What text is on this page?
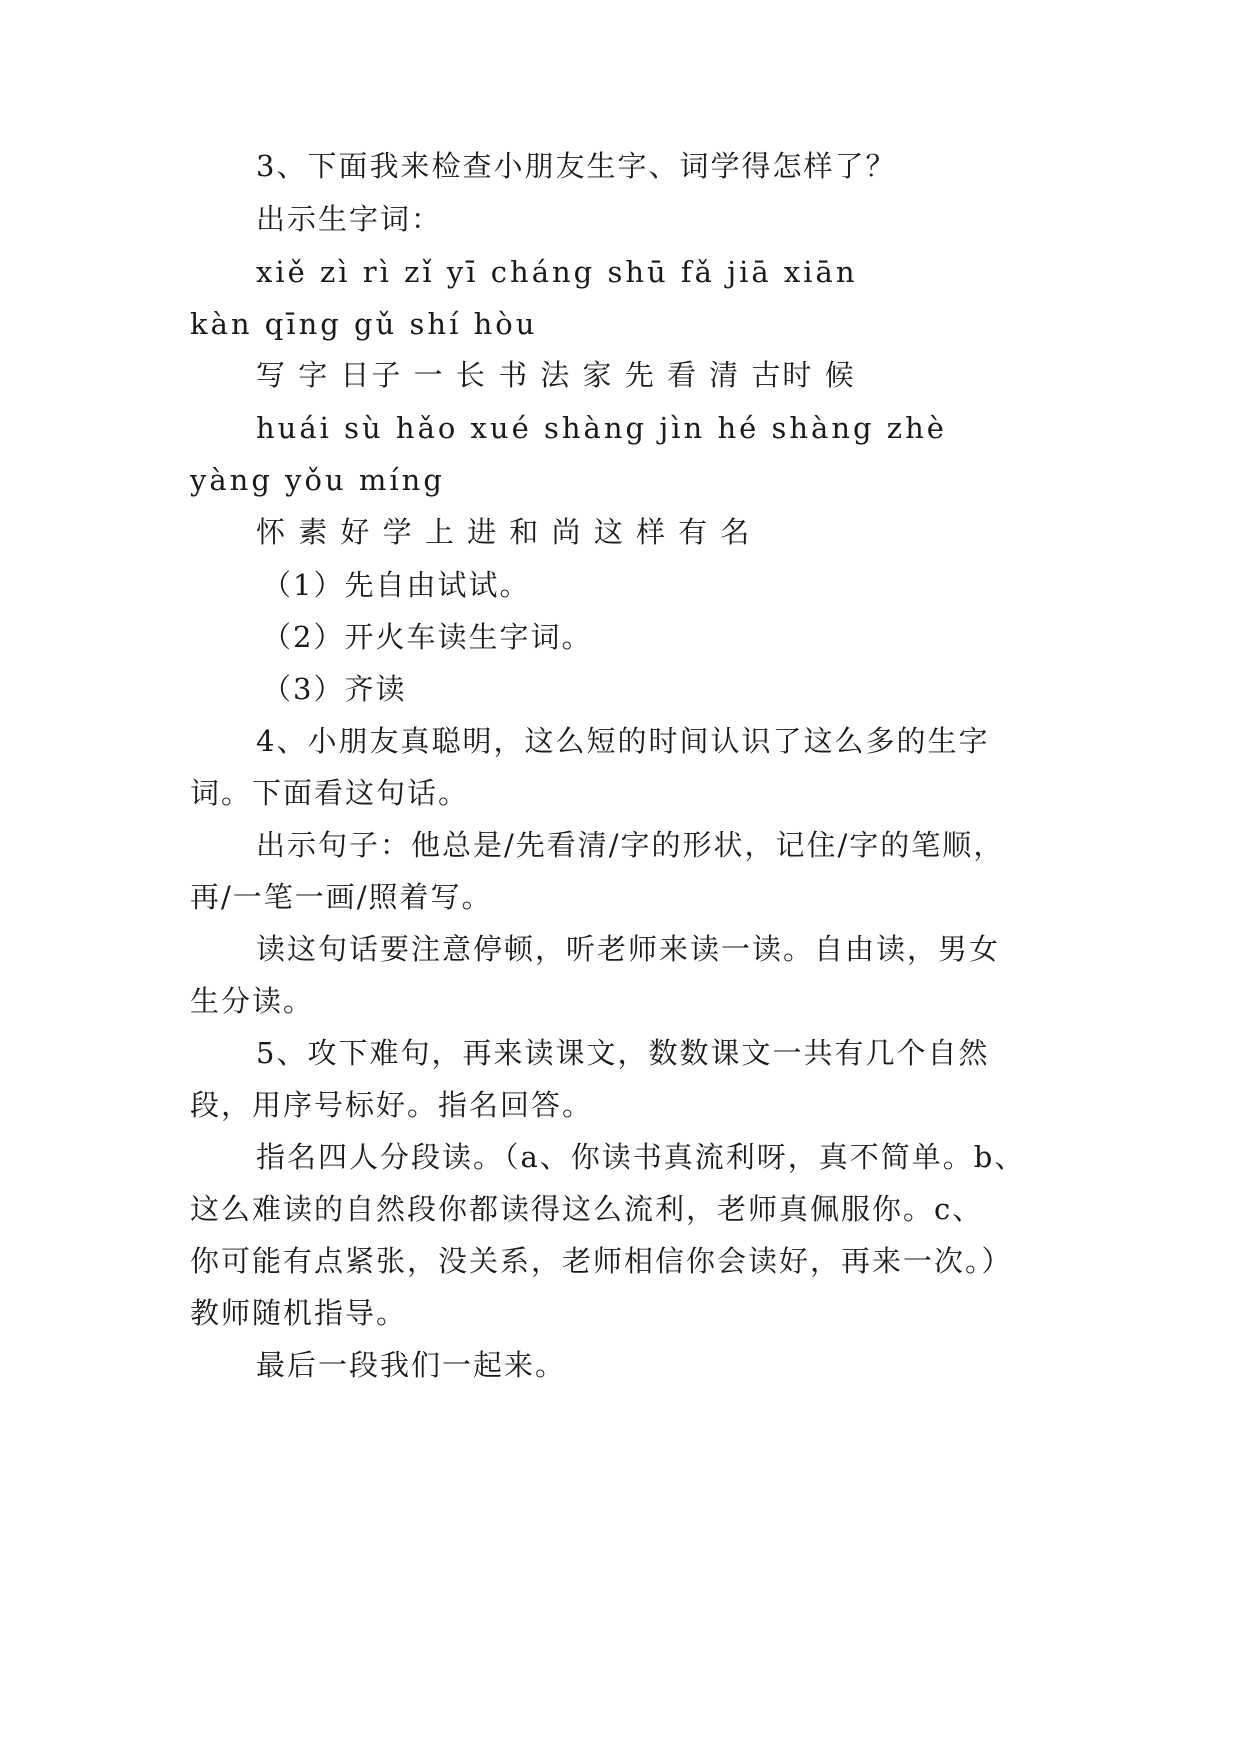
3、下面我来检查小朋友生字、词学得怎样了？
出示生字词：
xiě zì rì zǐ yī cháng shū fǎ jiā xiān
kàn qīng gǔ shí hòu
写 字 日子 一 长 书 法 家 先 看 清 古时 候
huái sù hǎo xué shàng jìn hé shàng zhè
yàng yǒu míng
怀 素 好 学 上 进 和 尚 这 样 有 名
（1）先自由试试。
（2）开火车读生字词。
（3）齐读
4、小朋友真聪明，这么短的时间认识了这么多的生字
词。下面看这句话。
出示句子：他总是/先看清/字的形状，记住/字的笔顺，
再/一笔一画/照着写。
读这句话要注意停顿，听老师来读一读。自由读，男女
生分读。
5、攻下难句，再来读课文，数数课文一共有几个自然
段，用序号标好。指名回答。
指名四人分段读。（a、你读书真流利呀，真不简单。b、
这么难读的自然段你都读得这么流利，老师真佩服你。c、
你可能有点紧张，没关系，老师相信你会读好，再来一次。）
教师随机指导。
最后一段我们一起来。
